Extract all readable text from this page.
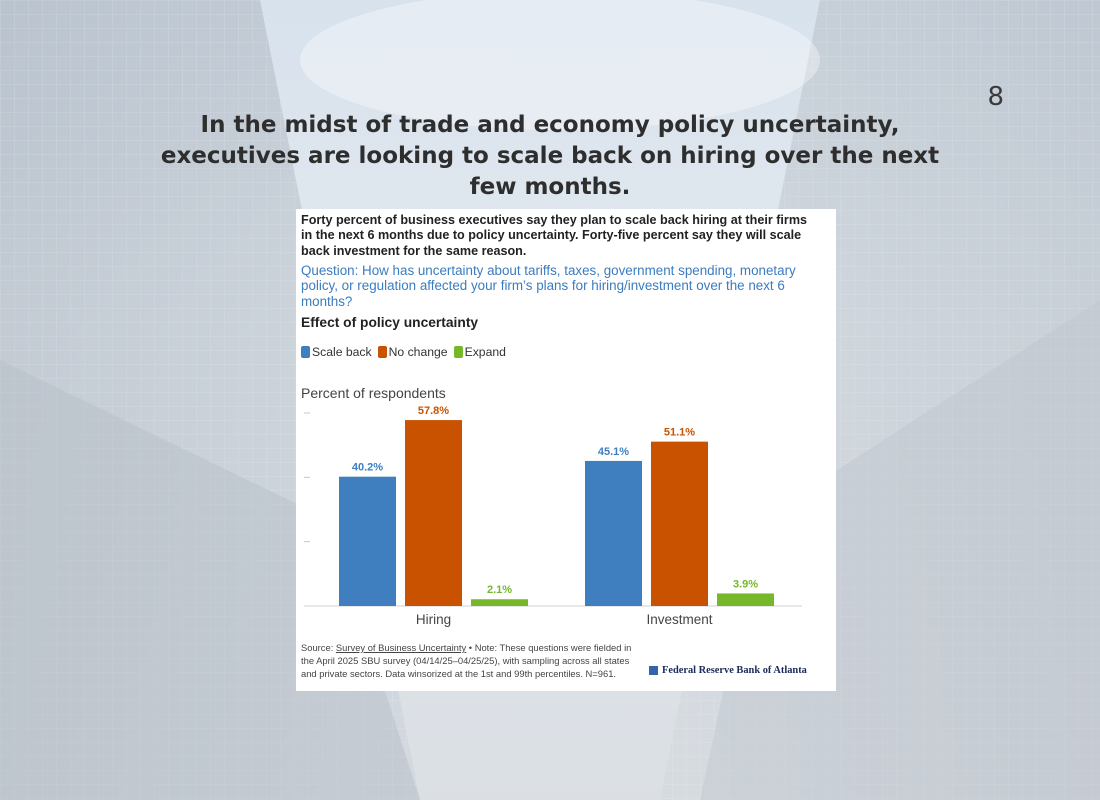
8
In the midst of trade and economy policy uncertainty, executives are looking to scale back on hiring over the next few months.
Forty percent of business executives say they plan to scale back hiring at their firms in the next 6 months due to policy uncertainty. Forty-five percent say they will scale back investment for the same reason.
Question: How has uncertainty about tariffs, taxes, government spending, monetary policy, or regulation affected your firm’s plans for hiring/investment over the next 6 months?
Effect of policy uncertainty
Scale back No change Expand
Percent of respondents
40.2%
57.8%
2.1%
Hiring
45.1%
51.1%
3.9%
Investment
Source: Survey of Business Uncertainty • Note: These questions were fielded in the April 2025 SBU survey (04/14/25–04/25/25), with sampling across all states and private sectors. Data winsorized at the 1st and 99th percentiles. N=961.	Federal Reserve Bank of Atlanta
